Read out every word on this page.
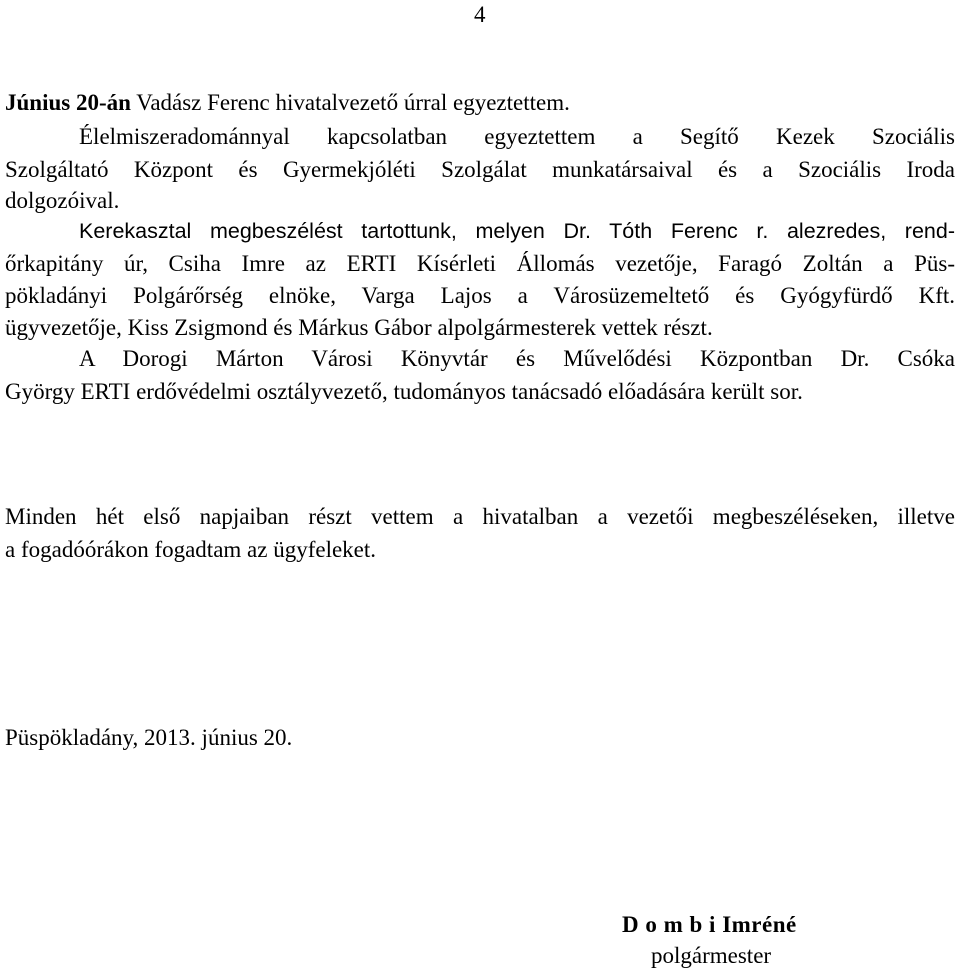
4
Június 20-án Vadász Ferenc hivatalvezető úrral egyeztettem.
Élelmiszeradománnyal kapcsolatban egyeztettem a Segítő Kezek Szociális
Szolgáltató Központ és Gyermekjóléti Szolgálat munkatársaival és a Szociális Iroda
dolgozóival.
Kerekasztal megbeszélést tartottunk, melyen Dr. Tóth Ferenc r. alezredes, rend-
őrkapitány úr, Csiha Imre az ERTI Kísérleti Állomás vezetője, Faragó Zoltán a Püs-
pökladányi Polgárőrség elnöke, Varga Lajos a Városüzemeltető és Gyógyfürdő Kft.
ügyvezetője, Kiss Zsigmond és Márkus Gábor alpolgármesterek vettek részt.
A Dorogi Márton Városi Könyvtár és Művelődési Központban Dr. Csóka
György ERTI erdővédelmi osztályvezető, tudományos tanácsadó előadására került sor.
Minden hét első napjaiban részt vettem a hivatalban a vezetői megbeszéléseken, illetve
a fogadóórákon fogadtam az ügyfeleket.
Püspökladány, 2013. június 20.
D o m b i Imréné
polgármester
